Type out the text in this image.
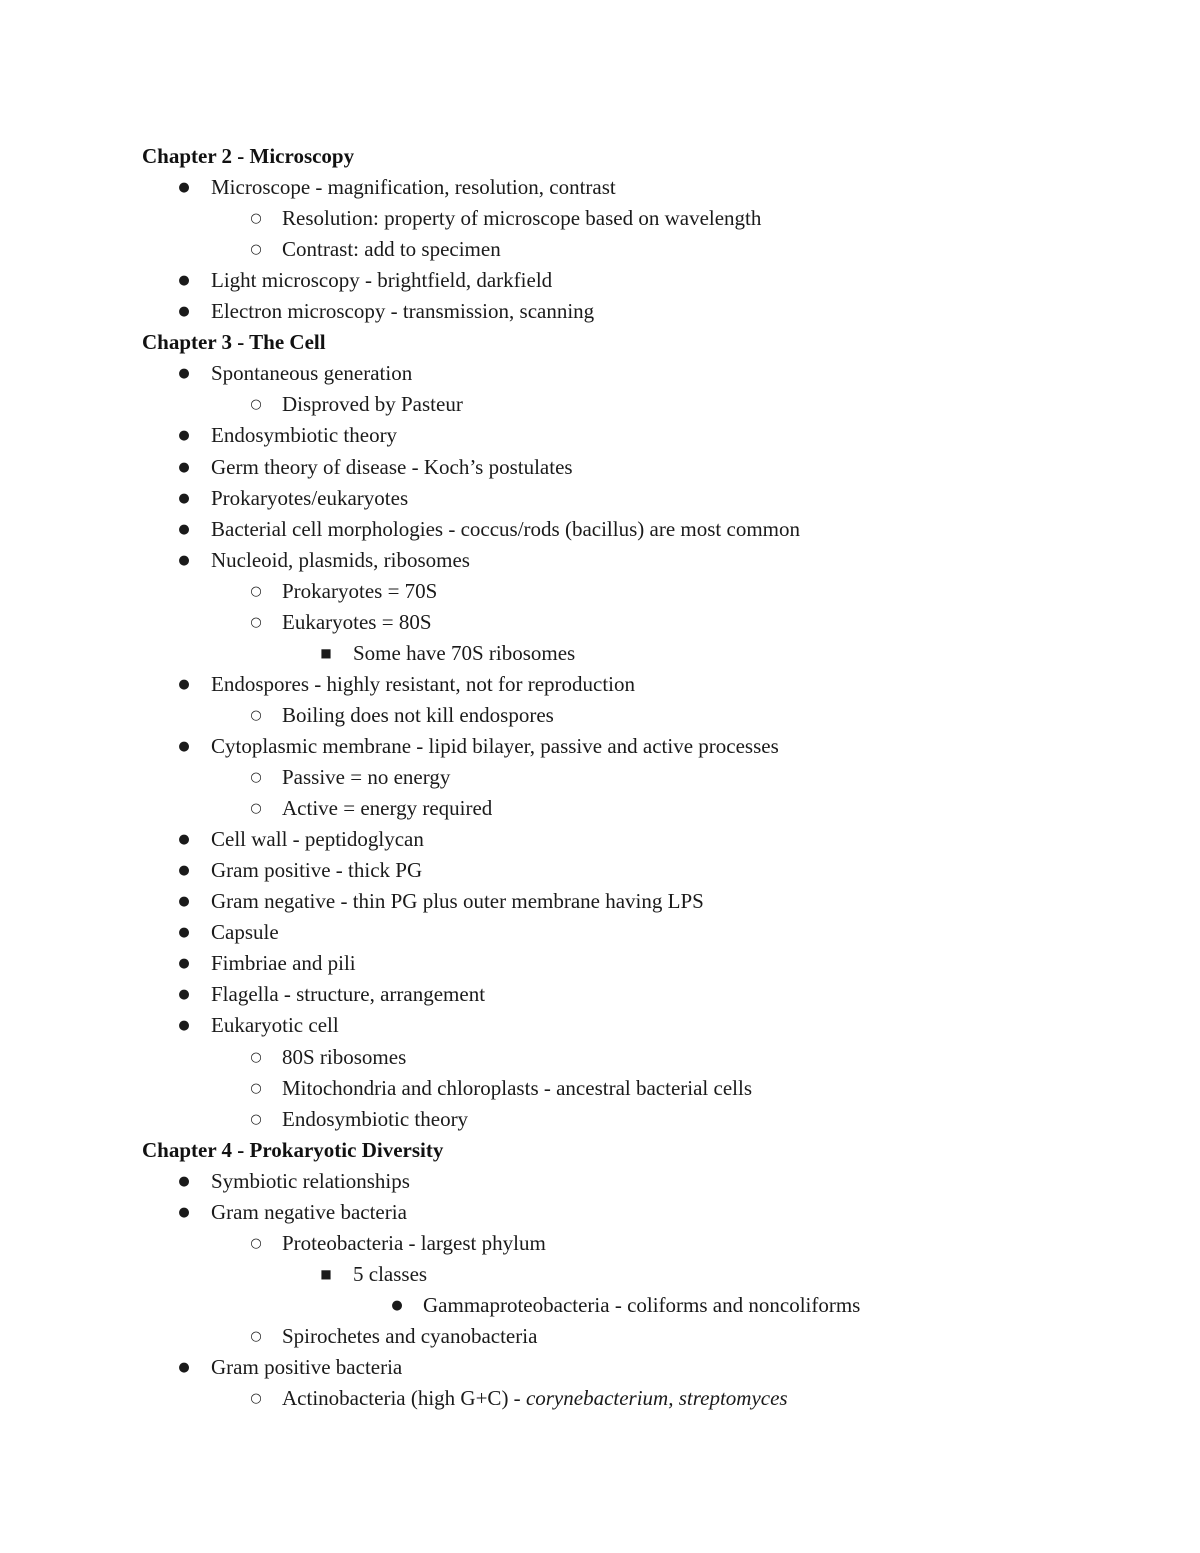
Chapter 2 - Microscopy
● Microscope - magnification, resolution, contrast
○ Resolution: property of microscope based on wavelength
○ Contrast: add to specimen
● Light microscopy - brightfield, darkfield
● Electron microscopy - transmission, scanning
Chapter 3 - The Cell
● Spontaneous generation
○ Disproved by Pasteur
● Endosymbiotic theory
● Germ theory of disease - Koch’s postulates
● Prokaryotes/eukaryotes
● Bacterial cell morphologies - coccus/rods (bacillus) are most common
● Nucleoid, plasmids, ribosomes
○ Prokaryotes = 70S
○ Eukaryotes = 80S
■ Some have 70S ribosomes
● Endospores - highly resistant, not for reproduction
○ Boiling does not kill endospores
● Cytoplasmic membrane - lipid bilayer, passive and active processes
○ Passive = no energy
○ Active = energy required
● Cell wall - peptidoglycan
● Gram positive - thick PG
● Gram negative - thin PG plus outer membrane having LPS
● Capsule
● Fimbriae and pili
● Flagella - structure, arrangement
● Eukaryotic cell
○ 80S ribosomes
○ Mitochondria and chloroplasts - ancestral bacterial cells
○ Endosymbiotic theory
Chapter 4 - Prokaryotic Diversity
● Symbiotic relationships
● Gram negative bacteria
○ Proteobacteria - largest phylum
■ 5 classes
● Gammaproteobacteria - coliforms and noncoliforms
○ Spirochetes and cyanobacteria
● Gram positive bacteria
○ Actinobacteria (high G+C) - corynebacterium, streptomyces
